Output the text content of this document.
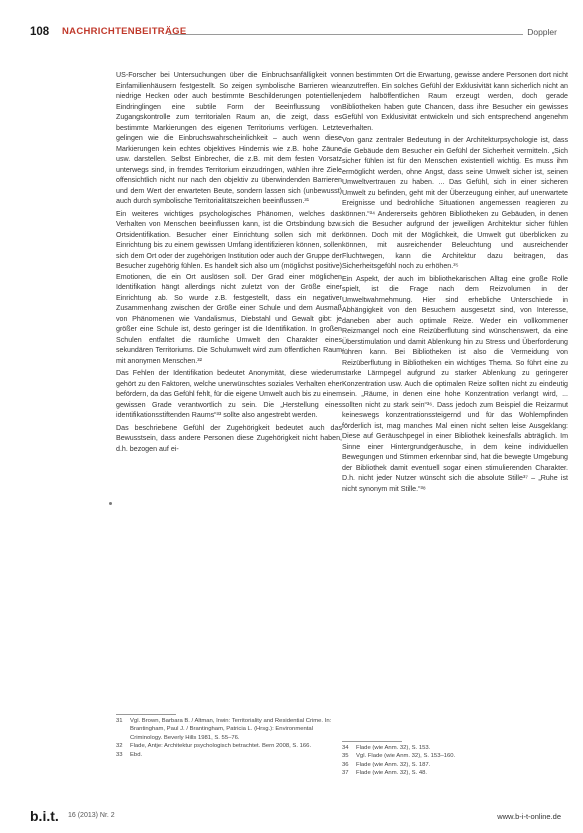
108 NACHRICHTENBEITRÄGE	Doppler

US-Forscher bei Untersuchungen über die Einbruchsanfälligkeit von Einfamilienhäusern festgestellt. So zeigen symbolische Barrieren wie niedrige Hecken oder auch bestimmte Beschilderungen potentiellen Eindringlingen eine subtile Form der Beeinflussung von Zugangskontrolle zum territorialen Raum an, die zeigt, dass es bestimmte Markierungen des eigenen Territoriums verfügen. Letzte gelingen wie die Einbruchswahrscheinlichkeit – auch wenn diese Markierungen kein echtes objektives Hindernis wie z.B. hohe Zäune usw. darstellen. Selbst Einbrecher, die z.B. mit dem festen Vorsatz unterwegs sind, in fremdes Territorium einzudringen, wählen ihre Ziele offensichtlich nicht nur nach den objektiv zu überwindenden Barrieren und dem Wert der erwarteten Beute, sondern lassen sich (unbewusst) auch durch symbolische Territorialitätszeichen beeinflussen.³¹

Ein weiteres wichtiges psychologisches Phänomen, welches das Verhalten von Menschen beeinflussen kann, ist die Ortsbindung bzw. Ortsidentifikation. Besucher einer Einrichtung sollen sich mit der Einrichtung bis zu einem gewissen Umfang identifizieren können, sollen sich dem Ort oder der zugehörigen Institution oder auch der Gruppe der Besucher zugehörig fühlen. Es handelt sich also um (möglichst positive) Emotionen, die ein Ort auslösen soll. Der Grad einer möglichen Identifikation hängt allerdings nicht zuletzt von der Größe einer Einrichtung ab. So wurde z.B. festgestellt, dass ein negativer Zusammenhang zwischen der Größe einer Schule und dem Ausmaß von Phänomenen wie Vandalismus, Diebstahl und Gewalt gibt: je größer eine Schule ist, desto geringer ist die Identifikation. In großen Schulen entfaltet die räumliche Umwelt den Charakter eines sekundären Territoriums. Die Schulumwelt wird zum öffentlichen Raum mit anonymen Menschen.³²

Das Fehlen der Identifikation bedeutet Anonymität, diese wiederum gehört zu den Faktoren, welche unerwünschtes soziales Verhalten eher befördern, da das Gefühl fehlt, für die eigene Umwelt auch bis zu einem gewissen Grade verantwortlich zu sein. Die „Herstellung eines identifikationsstiftenden Raums“³³ sollte also angestrebt werden.

Das beschriebene Gefühl der Zugehörigkeit bedeutet auch das Bewusstsein, dass andere Personen diese Zugehörigkeit nicht haben, d.h. bezogen auf ei-

nen bestimmten Ort die Erwartung, gewisse andere Personen dort nicht anzutreffen. Ein solches Gefühl der Exklusivität kann sicherlich nicht an jedem halböffentlichen Raum erzeugt werden, doch gerade Bibliotheken haben gute Chancen, dass ihre Besucher ein gewisses Gefühl von Exklusivität entwickeln und sich entsprechend angenehm verhalten.

Von ganz zentraler Bedeutung in der Architekturpsychologie ist, dass die Gebäude dem Besucher ein Gefühl der Sicherheit vermitteln. „Sich sicher fühlen ist für den Menschen existentiell wichtig. Es muss ihm ermöglicht werden, ohne Angst, dass seine Umwelt sicher ist, seinen Umweltvertrauen zu haben. ... Das Gefühl, sich in einer sicheren Umwelt zu befinden, geht mit der Überzeugung einher, auf unerwartete Ereignisse und bedrohliche Situationen angemessen reagieren zu können.“³⁴ Andererseits gehören Bibliotheken zu Gebäuden, in denen sich die Besucher aufgrund der jeweiligen Architektur sicher fühlen können. Doch mit der Möglichkeit, die Umwelt gut überblicken zu können, mit ausreichender Beleuchtung und ausreichender Fluchtwegen, kann die Architektur dazu beitragen, das Sicherheitsgefühl noch zu erhöhen.³⁵

Ein Aspekt, der auch im bibliothekarischen Alltag eine große Rolle spielt, ist die Frage nach dem Reizvolumen in der Umweltwahrnehmung. Hier sind erhebliche Unterschiede in Abhängigkeit von den Besuchern ausgesetzt sind, von Interesse, daneben aber auch optimale Reize. Weder ein vollkommener Reizmangel noch eine Reizüberflutung sind wünschenswert, da eine Überstimulation und damit Ablenkung hin zu Stress und Überforderung führen kann. Bei Bibliotheken ist also die Vermeidung von Reizüberflutung in Bibliotheken ein wichtiges Thema. So führt eine zu starke Lärmpegel aufgrund zu starker Ablenkung zu geringerer Konzentration usw. Auch die optimalen Reize sollten nicht zu eindeutig sein. „Räume, in denen eine hohe Konzentration verlangt wird, ... sollten nicht zu stark sein“³⁶. Dass jedoch zum Beispiel die Reizarmut keineswegs konzentrationssteigernd und für das Wohlempfinden förderlich ist, mag manches Mal einen nicht selten leise Ausgeklang: Diese auf Geräuschpegel in einer Bibliothek keinesfalls abträglich. Im Sinne einer Hintergrundgeräusche, in dem keine individuellen Bewegungen und Stimmen erkennbar sind, hat die bewegte Umgebung der Bibliothek damit eventuell sogar einen stimulierenden Charakter. D.h. nicht jeder Nutzer wünscht sich die absolute Stille³⁷ – „Ruhe ist nicht synonym mit Stille.“³⁸

31	Vgl. Brown, Barbara B. / Altman, Irwin: Territoriality and Residential Crime. In: Brantingham, Paul J. / Brantingham, Patricia L. (Hrsg.): Environmental Criminology. Beverly Hills 1981, S. 55–76.
32	Flade, Antje: Architektur psychologisch betrachtet. Bern 2008, S. 166.
33	Ebd.
34	Flade (wie Anm. 32), S. 153.
35	Vgl. Flade (wie Anm. 32), S. 153–160.
36	Flade (wie Anm. 32), S. 187.
37	Flade (wie Anm. 32), S. 48.
b.i.t. 16 (2013) Nr. 2	www.b-i-t-online.de
